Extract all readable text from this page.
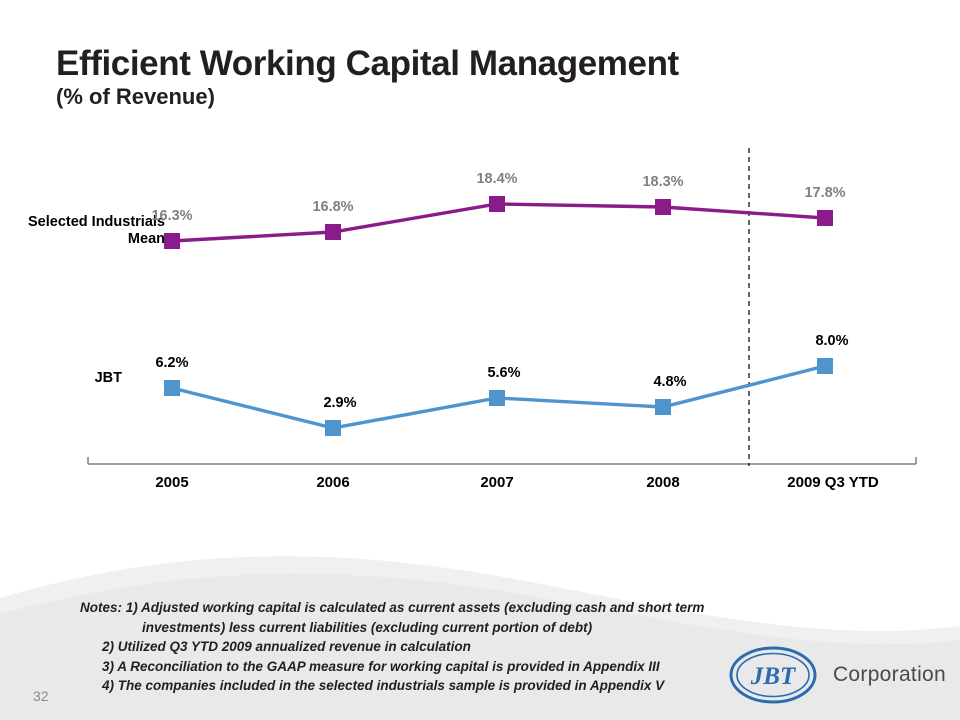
Efficient Working Capital Management
(% of Revenue)
Selected Industrials Mean
JBT
16.3%
16.8%
18.4%	18.3%
17.8%
6.2%
2.9%
5.6%
4.8%
8.0%
2005	2006	2007	2008	2009 Q3 YTD
Notes: 1) Adjusted working capital is calculated as current assets (excluding cash and short term
investments) less current liabilities (excluding current portion of debt)
2) Utilized Q3 YTD 2009 annualized revenue in calculation
3) A Reconciliation to the GAAP measure for working capital is provided in Appendix III
4) The companies included in the selected industrials sample is provided in Appendix V
32
JBT Corporation
